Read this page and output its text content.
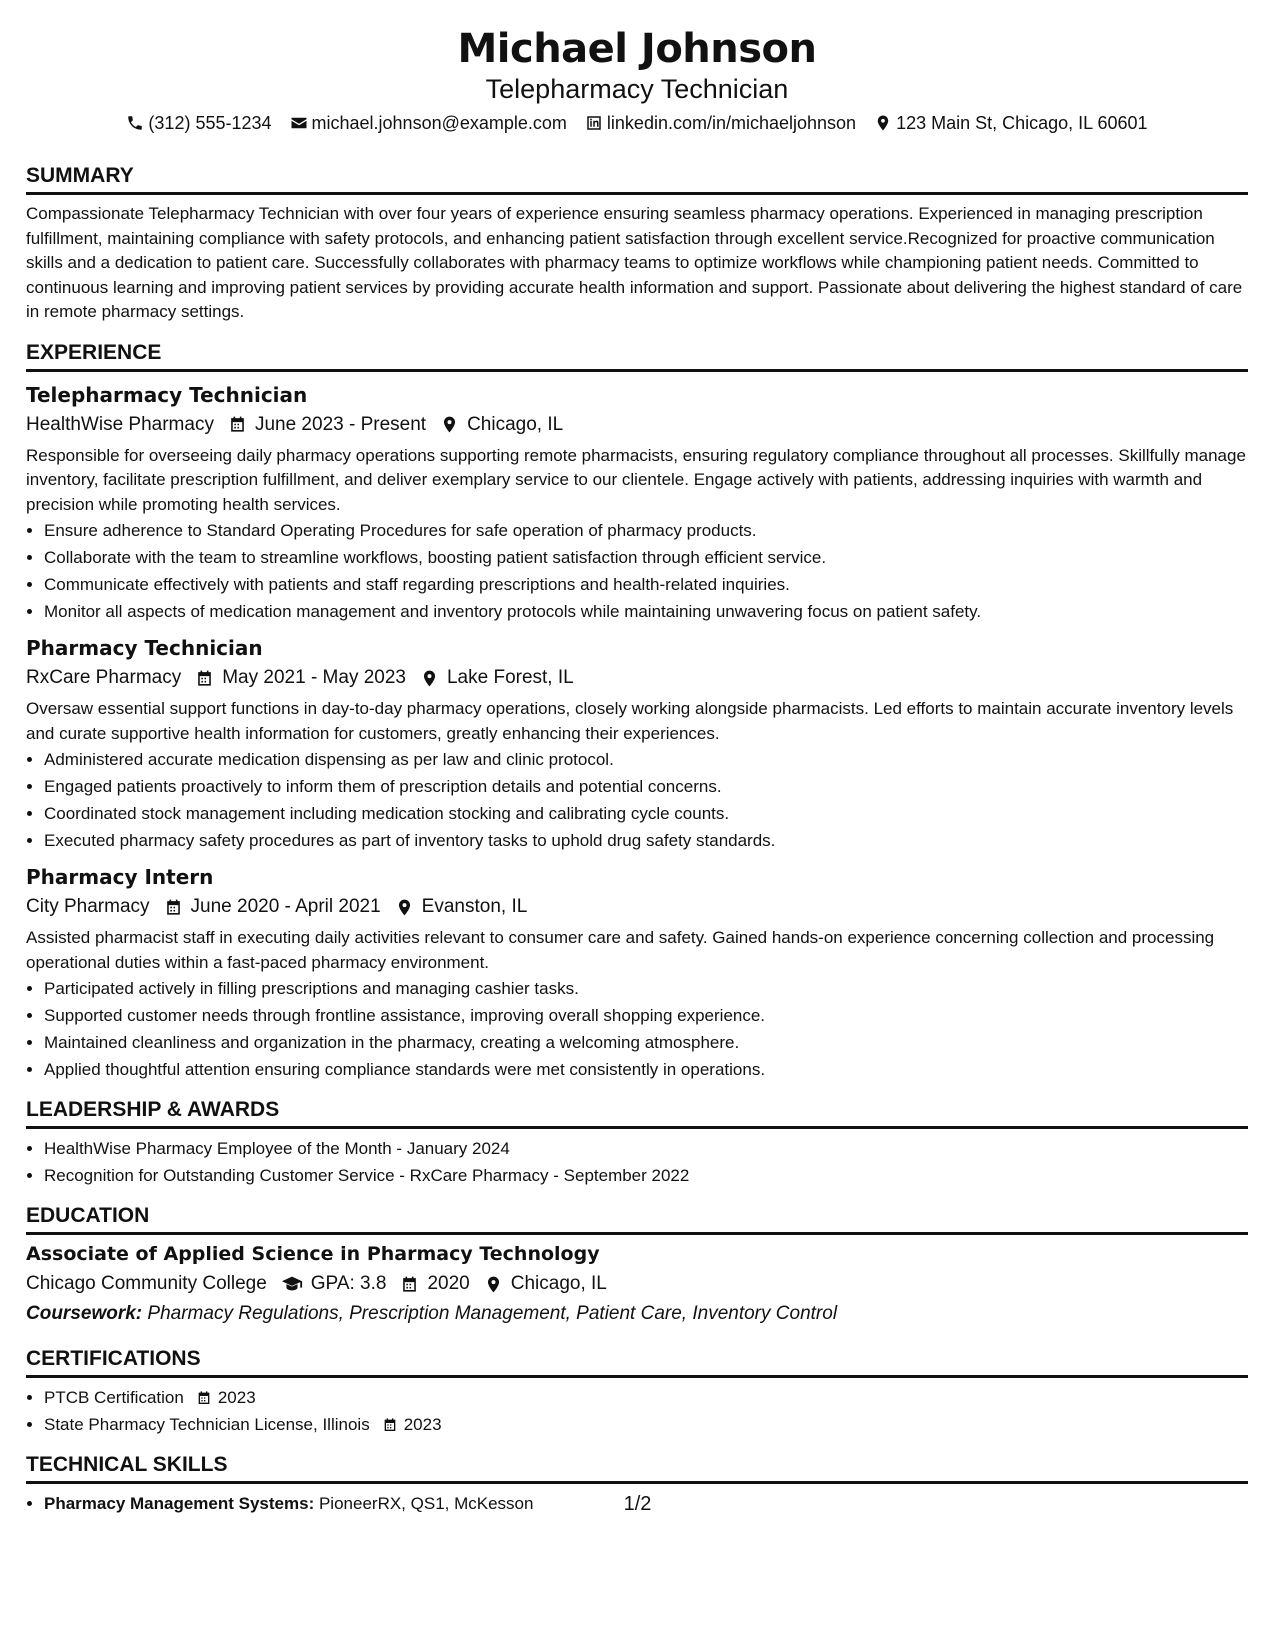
Michael Johnson
Telepharmacy Technician
(312) 555-1234 michael.johnson@example.com linkedin.com/in/michaeljohnson 123 Main St, Chicago, IL 60601
SUMMARY
Compassionate Telepharmacy Technician with over four years of experience ensuring seamless pharmacy operations. Experienced in managing prescription fulfillment, maintaining compliance with safety protocols, and enhancing patient satisfaction through excellent service.Recognized for proactive communication skills and a dedication to patient care. Successfully collaborates with pharmacy teams to optimize workflows while championing patient needs. Committed to continuous learning and improving patient services by providing accurate health information and support. Passionate about delivering the highest standard of care in remote pharmacy settings.
EXPERIENCE
Telepharmacy Technician
HealthWise Pharmacy June 2023 - Present Chicago, IL
Responsible for overseeing daily pharmacy operations supporting remote pharmacists, ensuring regulatory compliance throughout all processes. Skillfully manage inventory, facilitate prescription fulfillment, and deliver exemplary service to our clientele. Engage actively with patients, addressing inquiries with warmth and precision while promoting health services.
• Ensure adherence to Standard Operating Procedures for safe operation of pharmacy products.
• Collaborate with the team to streamline workflows, boosting patient satisfaction through efficient service.
• Communicate effectively with patients and staff regarding prescriptions and health-related inquiries.
• Monitor all aspects of medication management and inventory protocols while maintaining unwavering focus on patient safety.
Pharmacy Technician
RxCare Pharmacy May 2021 - May 2023 Lake Forest, IL
Oversaw essential support functions in day-to-day pharmacy operations, closely working alongside pharmacists. Led efforts to maintain accurate inventory levels and curate supportive health information for customers, greatly enhancing their experiences.
• Administered accurate medication dispensing as per law and clinic protocol.
• Engaged patients proactively to inform them of prescription details and potential concerns.
• Coordinated stock management including medication stocking and calibrating cycle counts.
• Executed pharmacy safety procedures as part of inventory tasks to uphold drug safety standards.
Pharmacy Intern
City Pharmacy June 2020 - April 2021 Evanston, IL
Assisted pharmacist staff in executing daily activities relevant to consumer care and safety. Gained hands-on experience concerning collection and processing operational duties within a fast-paced pharmacy environment.
• Participated actively in filling prescriptions and managing cashier tasks.
• Supported customer needs through frontline assistance, improving overall shopping experience.
• Maintained cleanliness and organization in the pharmacy, creating a welcoming atmosphere.
• Applied thoughtful attention ensuring compliance standards were met consistently in operations.
LEADERSHIP & AWARDS
• HealthWise Pharmacy Employee of the Month - January 2024
• Recognition for Outstanding Customer Service - RxCare Pharmacy - September 2022
EDUCATION
Associate of Applied Science in Pharmacy Technology
Chicago Community College GPA: 3.8 2020 Chicago, IL
Coursework: Pharmacy Regulations, Prescription Management, Patient Care, Inventory Control
CERTIFICATIONS
• PTCB Certification 2023
• State Pharmacy Technician License, Illinois 2023
TECHNICAL SKILLS
• Pharmacy Management Systems: PioneerRX, QS1, McKesson	1/2
